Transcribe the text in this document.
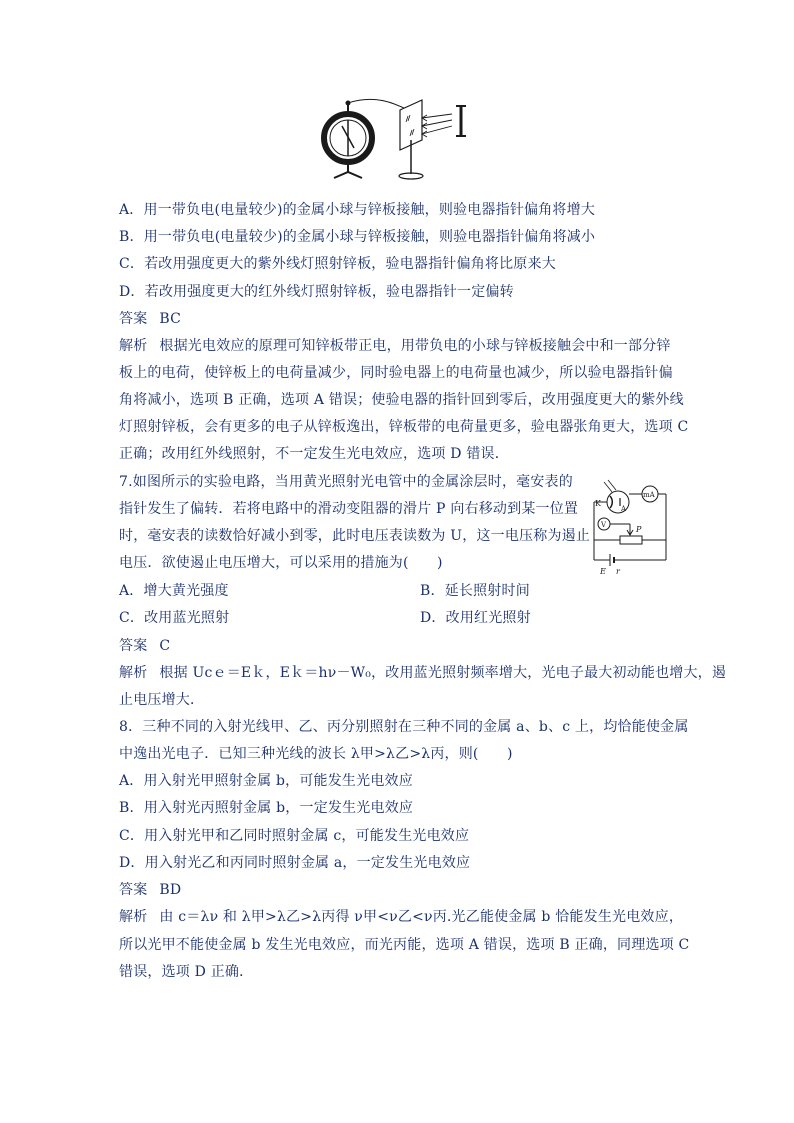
A．用一带负电(电量较少)的金属小球与锌板接触，则验电器指针偏角将增大
B．用一带负电(电量较少)的金属小球与锌板接触，则验电器指针偏角将减小
C．若改用强度更大的紫外线灯照射锌板，验电器指针偏角将比原来大
D．若改用强度更大的红外线灯照射锌板，验电器指针一定偏转
答案 BC
解析 根据光电效应的原理可知锌板带正电，用带负电的小球与锌板接触会中和一部分锌
板上的电荷，使锌板上的电荷量减少，同时验电器上的电荷量也减少，所以验电器指针偏
角将减小，选项 B 正确，选项 A 错误；使验电器的指针回到零后，改用强度更大的紫外线
灯照射锌板，会有更多的电子从锌板逸出，锌板带的电荷量更多，验电器张角更大，选项 C
正确；改用红外线照射，不一定发生光电效应，选项 D 错误．
7.如图所示的实验电路，当用黄光照射光电管中的金属涂层时，毫安表的
指针发生了偏转．若将电路中的滑动变阻器的滑片 P 向右移动到某一位置
时，毫安表的读数恰好减小到零，此时电压表读数为 U，这一电压称为遏止
电压．欲使遏止电压增大，可以采用的措施为(　　)
K
A
mA
V	P
E r
A．增大黄光强度	B．延长照射时间
C．改用蓝光照射	D．改用红光照射
答案 C
解析 根据 Ucｅ＝Eｋ，Eｋ＝hν－W₀，改用蓝光照射频率增大，光电子最大初动能也增大，遏
止电压增大．
8．三种不同的入射光线甲、乙、丙分别照射在三种不同的金属 a、b、c 上，均恰能使金属
中逸出光电子．已知三种光线的波长 λ甲>λ乙>λ丙，则(　　)
A．用入射光甲照射金属 b，可能发生光电效应
B．用入射光丙照射金属 b，一定发生光电效应
C．用入射光甲和乙同时照射金属 c，可能发生光电效应
D．用入射光乙和丙同时照射金属 a，一定发生光电效应
答案 BD
解析 由 c＝λν 和 λ甲>λ乙>λ丙得 ν甲<ν乙<ν丙.光乙能使金属 b 恰能发生光电效应，
所以光甲不能使金属 b 发生光电效应，而光丙能，选项 A 错误，选项 B 正确，同理选项 C
错误，选项 D 正确．
